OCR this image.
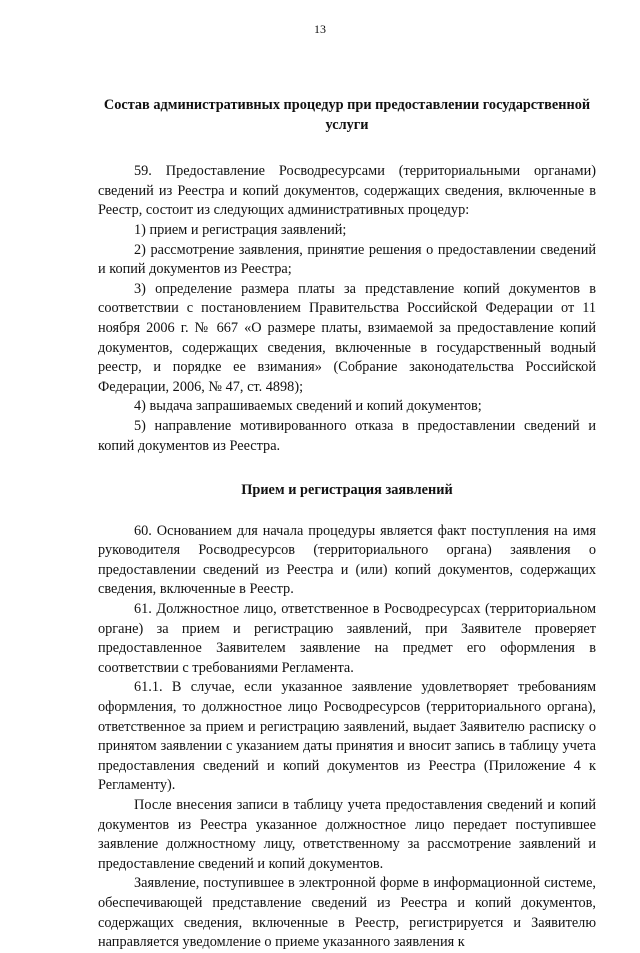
13
Состав административных процедур при предоставлении государственной услуги

59. Предоставление Росводресурсами (территориальными органами) сведений из Реестра и копий документов, содержащих сведения, включенные в Реестр, состоит из следующих административных процедур:

1) прием и регистрация заявлений;

2) рассмотрение заявления, принятие решения о предоставлении сведений и копий документов из Реестра;

3) определение размера платы за представление копий документов в соответствии с постановлением Правительства Российской Федерации от 11 ноября 2006 г. № 667 «О размере платы, взимаемой за предоставление копий документов, содержащих сведения, включенные в государственный водный реестр, и порядке ее взимания» (Собрание законодательства Российской Федерации, 2006, № 47, ст. 4898);

4) выдача запрашиваемых сведений и копий документов;

5) направление мотивированного отказа в предоставлении сведений и копий документов из Реестра.

Прием и регистрация заявлений

60. Основанием для начала процедуры является факт поступления на имя руководителя Росводресурсов (территориального органа) заявления о предоставлении сведений из Реестра и (или) копий документов, содержащих сведения, включенные в Реестр.

61. Должностное лицо, ответственное в Росводресурсах (территориальном органе) за прием и регистрацию заявлений, при Заявителе проверяет предоставленное Заявителем заявление на предмет его оформления в соответствии с требованиями Регламента.

61.1. В случае, если указанное заявление удовлетворяет требованиям оформления, то должностное лицо Росводресурсов (территориального органа), ответственное за прием и регистрацию заявлений, выдает Заявителю расписку о принятом заявлении с указанием даты принятия и вносит запись в таблицу учета предоставления сведений и копий документов из Реестра (Приложение 4 к Регламенту).

После внесения записи в таблицу учета предоставления сведений и копий документов из Реестра указанное должностное лицо передает поступившее заявление должностному лицу, ответственному за рассмотрение заявлений и предоставление сведений и копий документов.

Заявление, поступившее в электронной форме в информационной системе, обеспечивающей представление сведений из Реестра и копий документов, содержащих сведения, включенные в Реестр, регистрируется и Заявителю направляется уведомление о приеме указанного заявления к
